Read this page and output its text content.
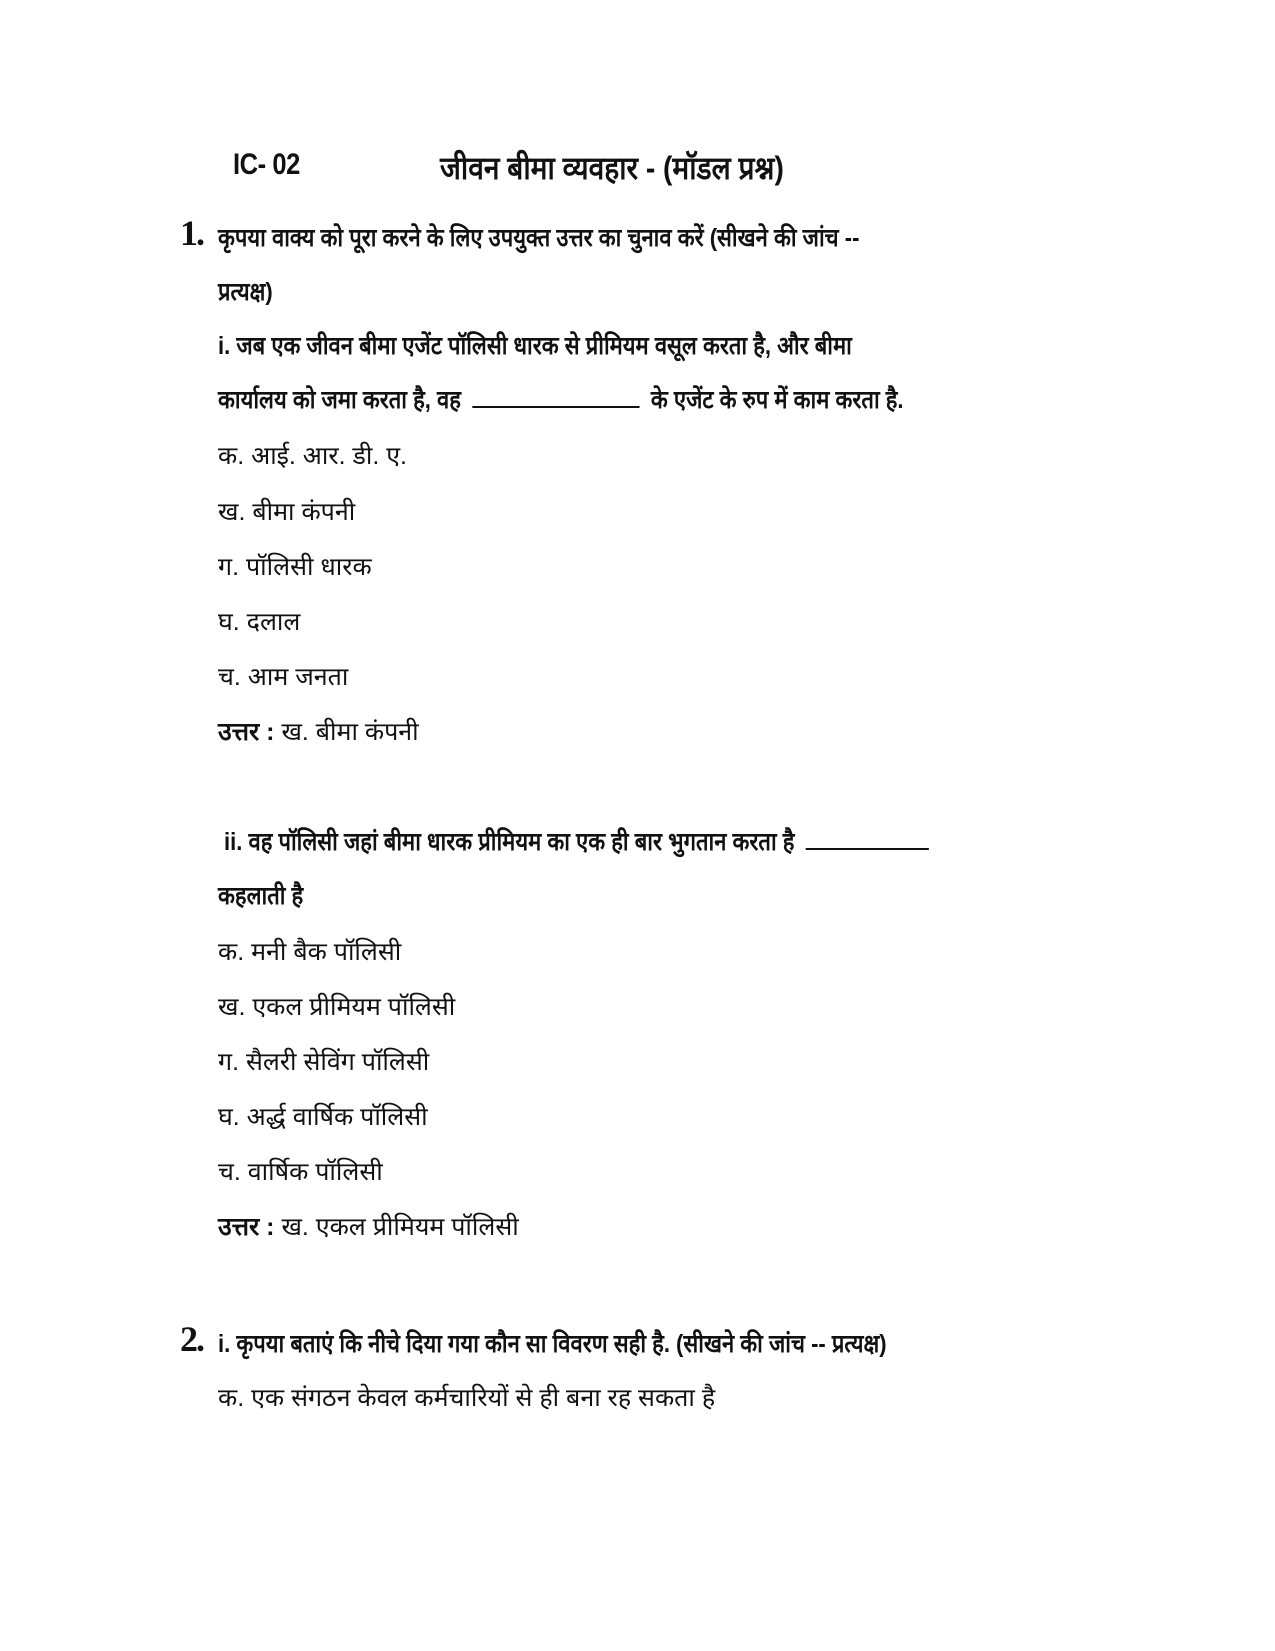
IC- 02	जीवन बीमा व्यवहार - (मॉडल प्रश्न)
1. कृपया वाक्य को पूरा करने के लिए उपयुक्त उत्तर का चुनाव करें (सीखने की जांच --
प्रत्यक्ष)
i. जब एक जीवन बीमा एजेंट पॉलिसी धारक से प्रीमियम वसूल करता है, और बीमा
कार्यालय को जमा करता है, वह	के एजेंट के रुप में काम करता है.
क. आई. आर. डी. ए.
ख. बीमा कंपनी
ग. पॉलिसी धारक
घ. दलाल
च. आम जनता
उत्तर : ख. बीमा कंपनी
ii. वह पॉलिसी जहां बीमा धारक प्रीमियम का एक ही बार भुगतान करता है
कहलाती है
क. मनी बैक पॉलिसी
ख. एकल प्रीमियम पॉलिसी
ग. सैलरी सेविंग पॉलिसी
घ. अर्द्ध वार्षिक पॉलिसी
च. वार्षिक पॉलिसी
उत्तर : ख. एकल प्रीमियम पॉलिसी
2. i. कृपया बताएं कि नीचे दिया गया कौन सा विवरण सही है. (सीखने की जांच -- प्रत्यक्ष)
क. एक संगठन केवल कर्मचारियों से ही बना रह सकता है
